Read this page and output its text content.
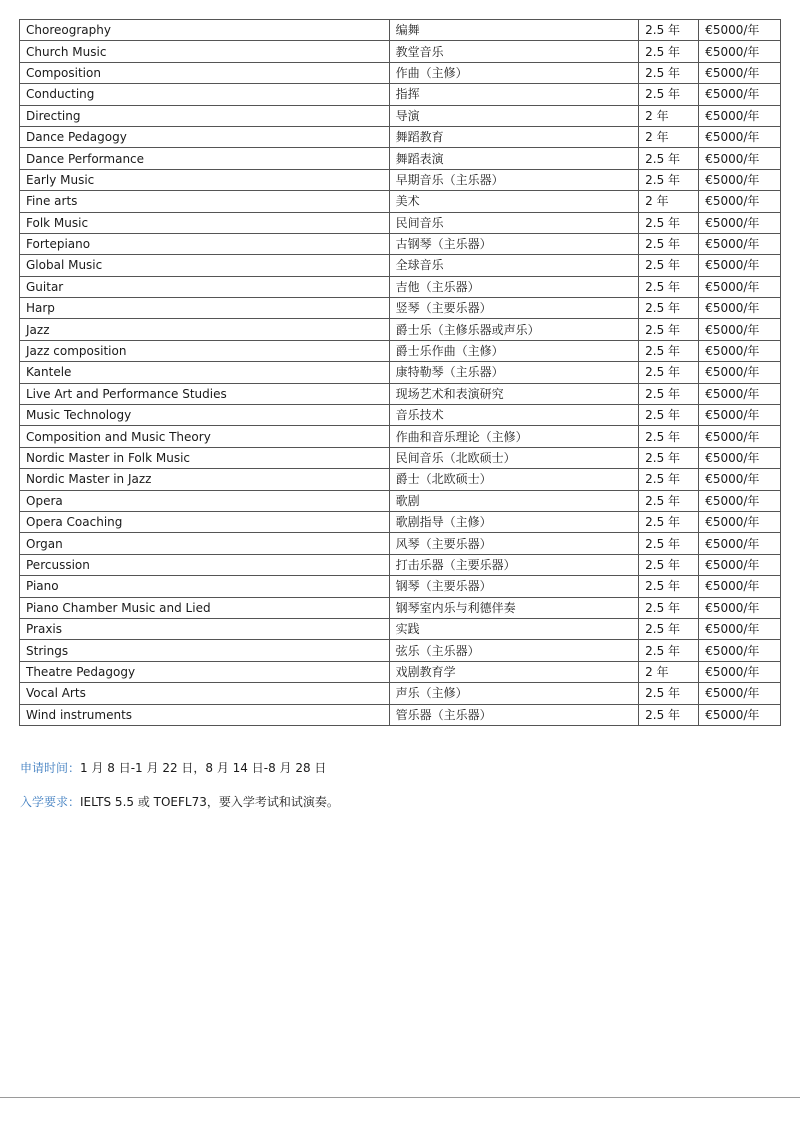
Choreography	编舞	2.5 年	€5000/年
Church Music	教堂音乐	2.5 年	€5000/年
Composition	作曲（主修）	2.5 年	€5000/年
Conducting	指挥	2.5 年	€5000/年
Directing	导演	2 年	€5000/年
Dance Pedagogy	舞蹈教育	2 年	€5000/年
Dance Performance	舞蹈表演	2.5 年	€5000/年
Early Music	早期音乐（主乐器）	2.5 年	€5000/年
Fine arts	美术	2 年	€5000/年
Folk Music	民间音乐	2.5 年	€5000/年
Fortepiano	古钢琴（主乐器）	2.5 年	€5000/年
Global Music	全球音乐	2.5 年	€5000/年
Guitar	吉他（主乐器）	2.5 年	€5000/年
Harp	竖琴（主要乐器）	2.5 年	€5000/年
Jazz	爵士乐（主修乐器或声乐）	2.5 年	€5000/年
Jazz composition	爵士乐作曲（主修）	2.5 年	€5000/年
Kantele	康特勒琴（主乐器）	2.5 年	€5000/年
Live Art and Performance Studies	现场艺术和表演研究	2.5 年	€5000/年
Music Technology	音乐技术	2.5 年	€5000/年
Composition and Music Theory	作曲和音乐理论（主修）	2.5 年	€5000/年
Nordic Master in Folk Music	民间音乐（北欧硕士）	2.5 年	€5000/年
Nordic Master in Jazz	爵士（北欧硕士）	2.5 年	€5000/年
Opera	歌剧	2.5 年	€5000/年
Opera Coaching	歌剧指导（主修）	2.5 年	€5000/年
Organ	风琴（主要乐器）	2.5 年	€5000/年
Percussion	打击乐器（主要乐器）	2.5 年	€5000/年
Piano	钢琴（主要乐器）	2.5 年	€5000/年
Piano Chamber Music and Lied	钢琴室内乐与利德伴奏	2.5 年	€5000/年
Praxis	实践	2.5 年	€5000/年
Strings	弦乐（主乐器）	2.5 年	€5000/年
Theatre Pedagogy	戏剧教育学	2 年	€5000/年
Vocal Arts	声乐（主修）	2.5 年	€5000/年
Wind instruments	管乐器（主乐器）	2.5 年	€5000/年
申请时间：1 月 8 日-1 月 22 日，8 月 14 日-8 月 28 日
入学要求：IELTS 5.5 或 TOEFL73，要入学考试和试演奏。
